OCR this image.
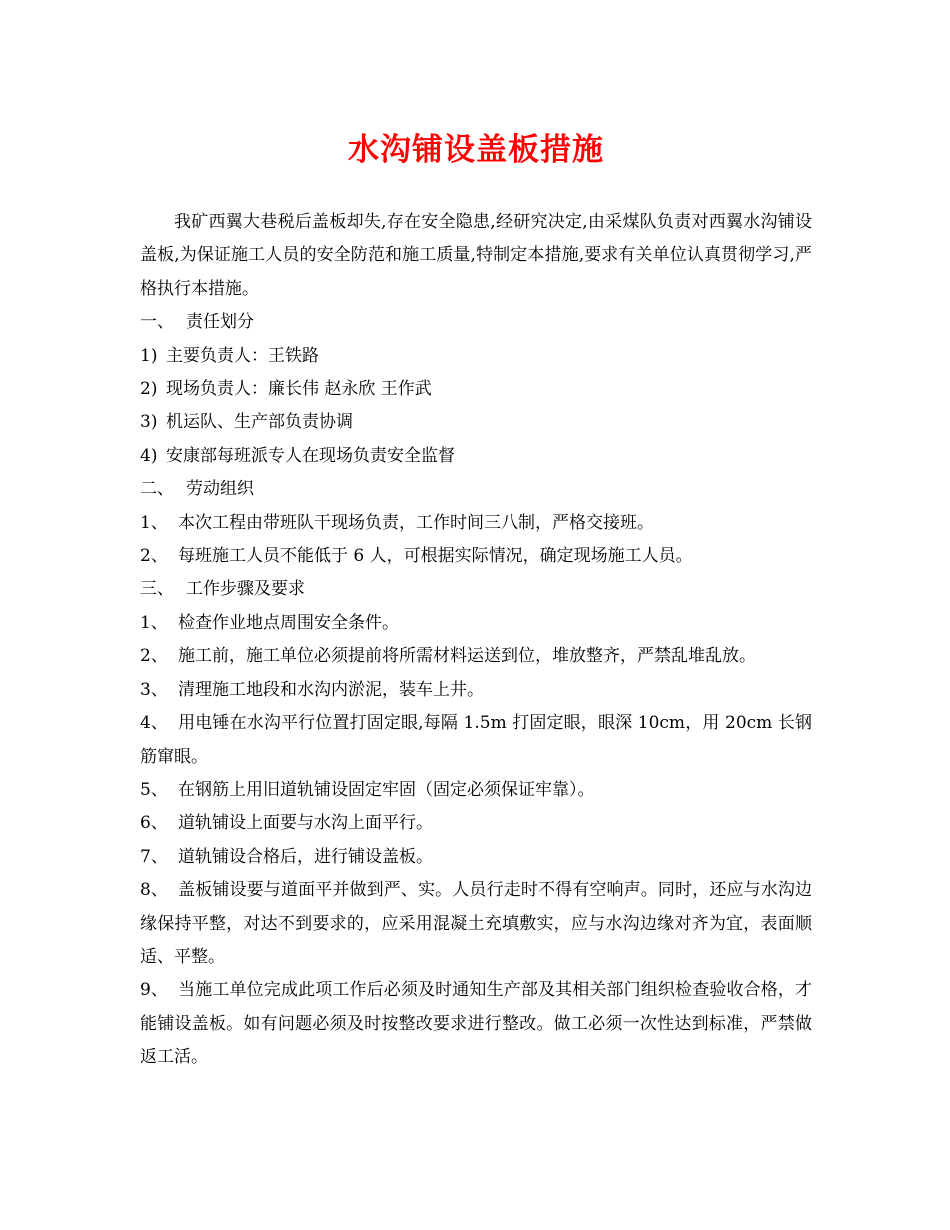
水沟铺设盖板措施

我矿西翼大巷税后盖板却失,存在安全隐患,经研究决定,由采煤队负责对西翼水沟铺设盖板,为保证施工人员的安全防范和施工质量,特制定本措施,要求有关单位认真贯彻学习,严格执行本措施。

一、 责任划分

1) 主要负责人：王铁路

2) 现场负责人：廉长伟 赵永欣 王作武

3) 机运队、生产部负责协调

4) 安康部每班派专人在现场负责安全监督

二、 劳动组织

1、 本次工程由带班队干现场负责，工作时间三八制，严格交接班。

2、 每班施工人员不能低于 6 人，可根据实际情况，确定现场施工人员。

三、 工作步骤及要求

1、 检查作业地点周围安全条件。

2、 施工前，施工单位必须提前将所需材料运送到位，堆放整齐，严禁乱堆乱放。

3、 清理施工地段和水沟内淤泥，装车上井。

4、 用电锤在水沟平行位置打固定眼,每隔 1.5m 打固定眼，眼深 10cm，用 20cm 长钢筋窜眼。

5、 在钢筋上用旧道轨铺设固定牢固（固定必须保证牢靠）。

6、 道轨铺设上面要与水沟上面平行。

7、 道轨铺设合格后，进行铺设盖板。

8、 盖板铺设要与道面平并做到严、实。人员行走时不得有空响声。同时，还应与水沟边缘保持平整，对达不到要求的，应采用混凝土充填敷实，应与水沟边缘对齐为宜，表面顺适、平整。

9、 当施工单位完成此项工作后必须及时通知生产部及其相关部门组织检查验收合格，才能铺设盖板。如有问题必须及时按整改要求进行整改。做工必须一次性达到标准，严禁做返工活。
